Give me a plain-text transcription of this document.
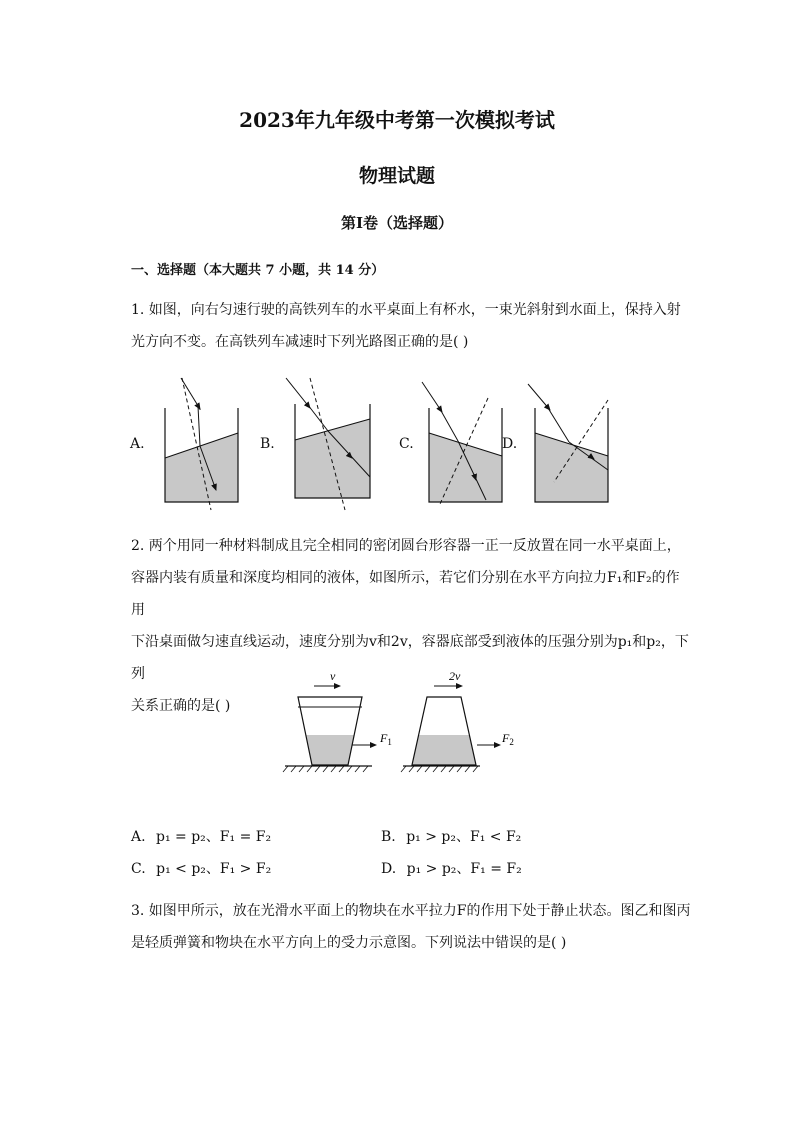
2023年九年级中考第一次模拟考试
物理试题
第Ⅰ卷（选择题）
一、选择题（本大题共 7 小题，共 14 分）

1. 如图，向右匀速行驶的高铁列车的水平桌面上有杯水，一束光斜射到水面上，保持入射

光方向不变。在高铁列车减速时下列光路图正确的是( )

A.	B.	C.	D.

2. 两个用同一种材料制成且完全相同的密闭圆台形容器一正一反放置在同一水平桌面上，

容器内装有质量和深度均相同的液体，如图所示，若它们分别在水平方向拉力F₁和F₂的作用

下沿桌面做匀速直线运动，速度分别为v和2v，容器底部受到液体的压强分别为p₁和p₂，下列

关系正确的是( )

v
$F_1$
2v
$F_2$
A. p₁ = p₂、F₁ = F₂	B. p₁ > p₂、F₁ < F₂
C. p₁ < p₂、F₁ > F₂	D. p₁ > p₂、F₁ = F₂

3. 如图甲所示，放在光滑水平面上的物块在水平拉力F的作用下处于静止状态。图乙和图丙

是轻质弹簧和物块在水平方向上的受力示意图。下列说法中错误的是( )
